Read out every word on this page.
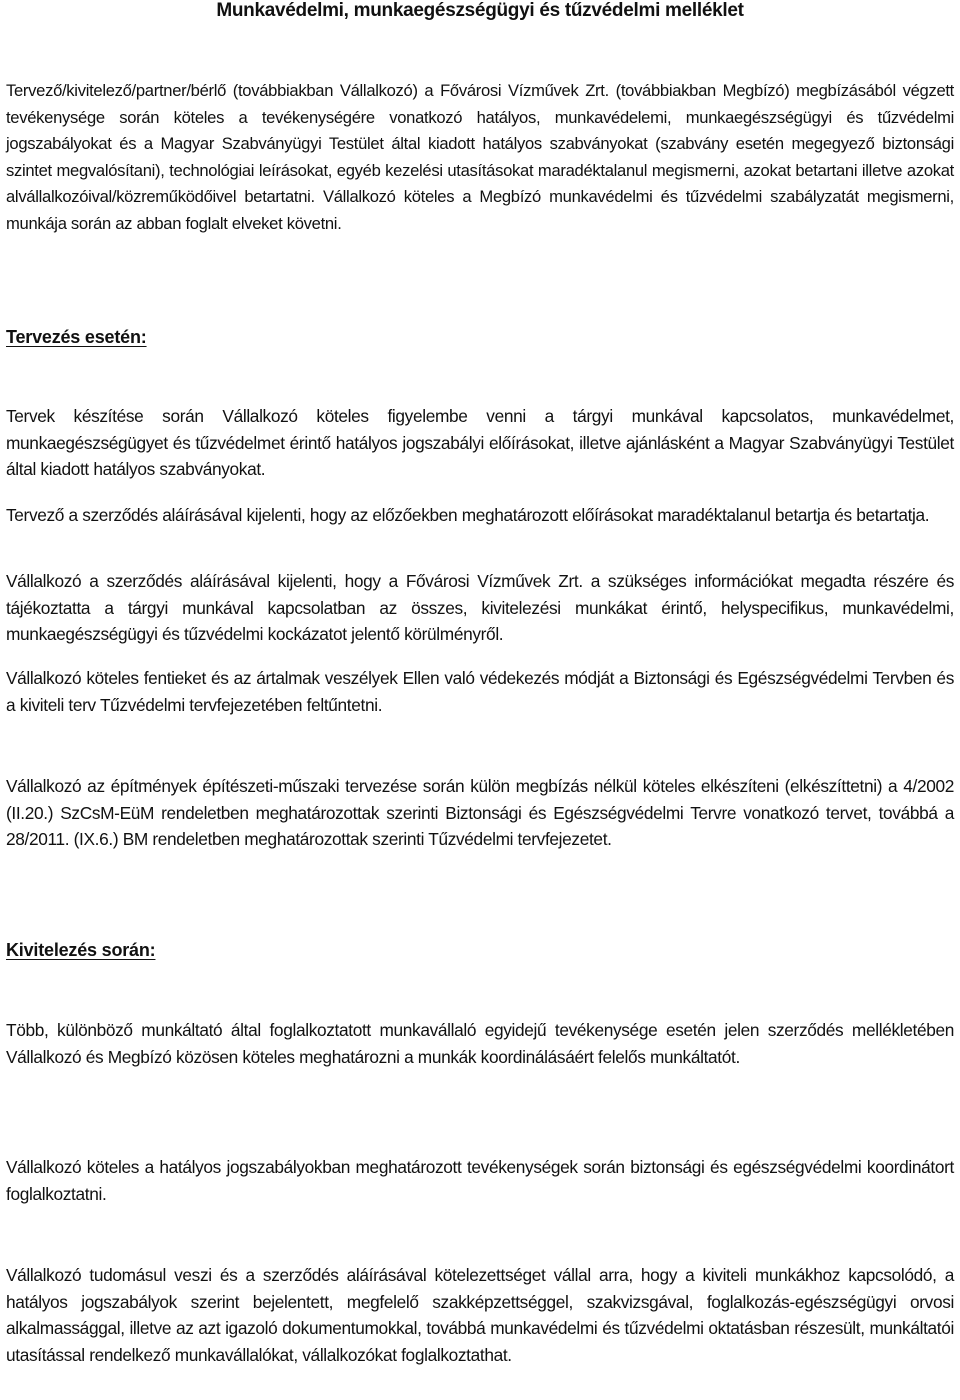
Munkavédelmi, munkaegészségügyi és tűzvédelmi melléklet

Tervező/kivitelező/partner/bérlő (továbbiakban Vállalkozó) a Fővárosi Vízművek Zrt. (továbbiakban Megbízó) megbízásából végzett tevékenysége során köteles a tevékenységére vonatkozó hatályos, munkavédelemi, munkaegészségügyi és tűzvédelmi jogszabályokat és a Magyar Szabványügyi Testület által kiadott hatályos szabványokat (szabvány esetén megegyező biztonsági szintet megvalósítani), technológiai leírásokat, egyéb kezelési utasításokat maradéktalanul megismerni, azokat betartani illetve azokat alvállalkozóival/közreműködőivel betartatni. Vállalkozó köteles a Megbízó munkavédelmi és tűzvédelmi szabályzatát megismerni, munkája során az abban foglalt elveket követni.

Tervezés esetén:

Tervek készítése során Vállalkozó köteles figyelembe venni a tárgyi munkával kapcsolatos, munkavédelmet, munkaegészségügyet és tűzvédelmet érintő hatályos jogszabályi előírásokat, illetve ajánlásként a Magyar Szabványügyi Testület által kiadott hatályos szabványokat.

Tervező a szerződés aláírásával kijelenti, hogy az előzőekben meghatározott előírásokat maradéktalanul betartja és betartatja.

Vállalkozó a szerződés aláírásával kijelenti, hogy a Fővárosi Vízművek Zrt. a szükséges információkat megadta részére és tájékoztatta a tárgyi munkával kapcsolatban az összes, kivitelezési munkákat érintő, helyspecifikus, munkavédelmi, munkaegészségügyi és tűzvédelmi kockázatot jelentő körülményről.

Vállalkozó köteles fentieket és az ártalmak veszélyek Ellen való védekezés módját a Biztonsági és Egészségvédelmi Tervben és a kiviteli terv Tűzvédelmi tervfejezetében feltűntetni.

Vállalkozó az építmények építészeti-műszaki tervezése során külön megbízás nélkül köteles elkészíteni (elkészíttetni) a 4/2002 (II.20.) SzCsM-EüM rendeletben meghatározottak szerinti Biztonsági és Egészségvédelmi Tervre vonatkozó tervet, továbbá a 28/2011. (IX.6.) BM rendeletben meghatározottak szerinti Tűzvédelmi tervfejezetet.

Kivitelezés során:

Több, különböző munkáltató által foglalkoztatott munkavállaló egyidejű tevékenysége esetén jelen szerződés mellékletében Vállalkozó és Megbízó közösen köteles meghatározni a munkák koordinálásáért felelős munkáltatót.

Vállalkozó köteles a hatályos jogszabályokban meghatározott tevékenységek során biztonsági és egészségvédelmi koordinátort foglalkoztatni.

Vállalkozó tudomásul veszi és a szerződés aláírásával kötelezettséget vállal arra, hogy a kiviteli munkákhoz kapcsolódó, a hatályos jogszabályok szerint bejelentett, megfelelő szakképzettséggel, szakvizsgával, foglalkozás-egészségügyi orvosi alkalmassággal, illetve az azt igazoló dokumentumokkal, továbbá munkavédelmi és tűzvédelmi oktatásban részesült, munkáltatói utasítással rendelkező munkavállalókat, vállalkozókat foglalkoztathat.
